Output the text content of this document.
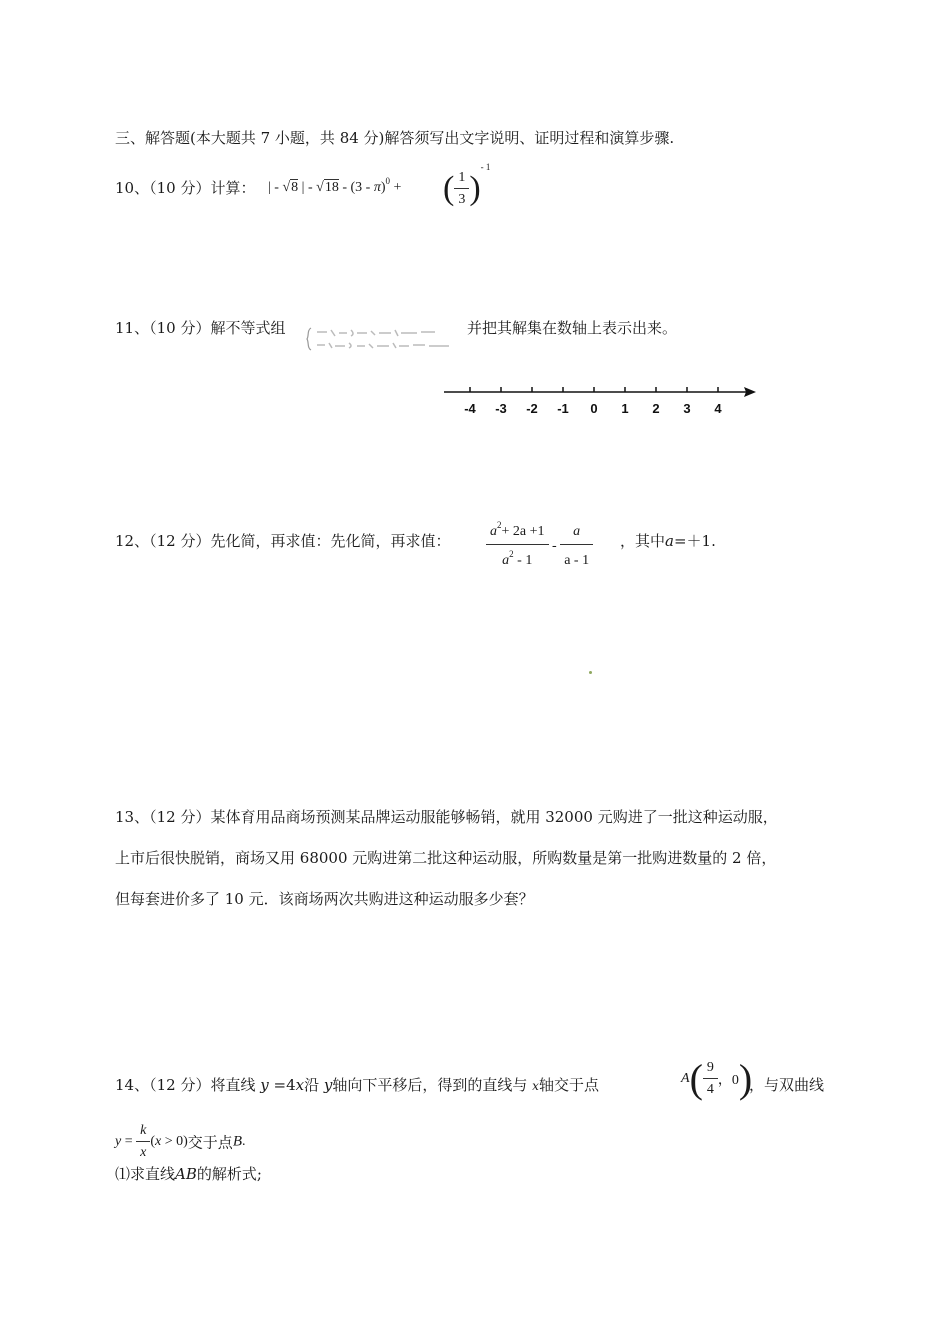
三、解答题(本大题共 7 小题，共 84 分)解答须写出文字说明、证明过程和演算步骤.
10、（10 分）计算： | - √8 | - √18 - (3 - π)$^0$ + ( $\frac{1}{3} )^{- 1}$
11、（10 分）解不等式组	并把其解集在数轴上表示出来。
-4 -3 -2 -1 0 1 2 3 4
12、（12 分）先化简，再求值：先化简，再求值：	$\frac{a^2+ 2a +1}{a^2 - 1} - \frac{a}{a - 1}$ ，其中a=＋1.
13、（12 分）某体育用品商场预测某品牌运动服能够畅销，就用 32000 元购进了一批这种运动服，
上市后很快脱销，商场又用 68000 元购进第二批这种运动服，所购数量是第一批购进数量的 2 倍，
但每套进价多了 10 元．该商场两次共购进这种运动服多少套？
14、（12 分）将直线 y =4x沿 y轴向下平移后，得到的直线与 x轴交于点	$A( \frac{9}{4}$ ，0)
，与双曲线
$y = \frac{k}{x} (x > 0)$交于点B.
⑴求直线AB的解析式;
